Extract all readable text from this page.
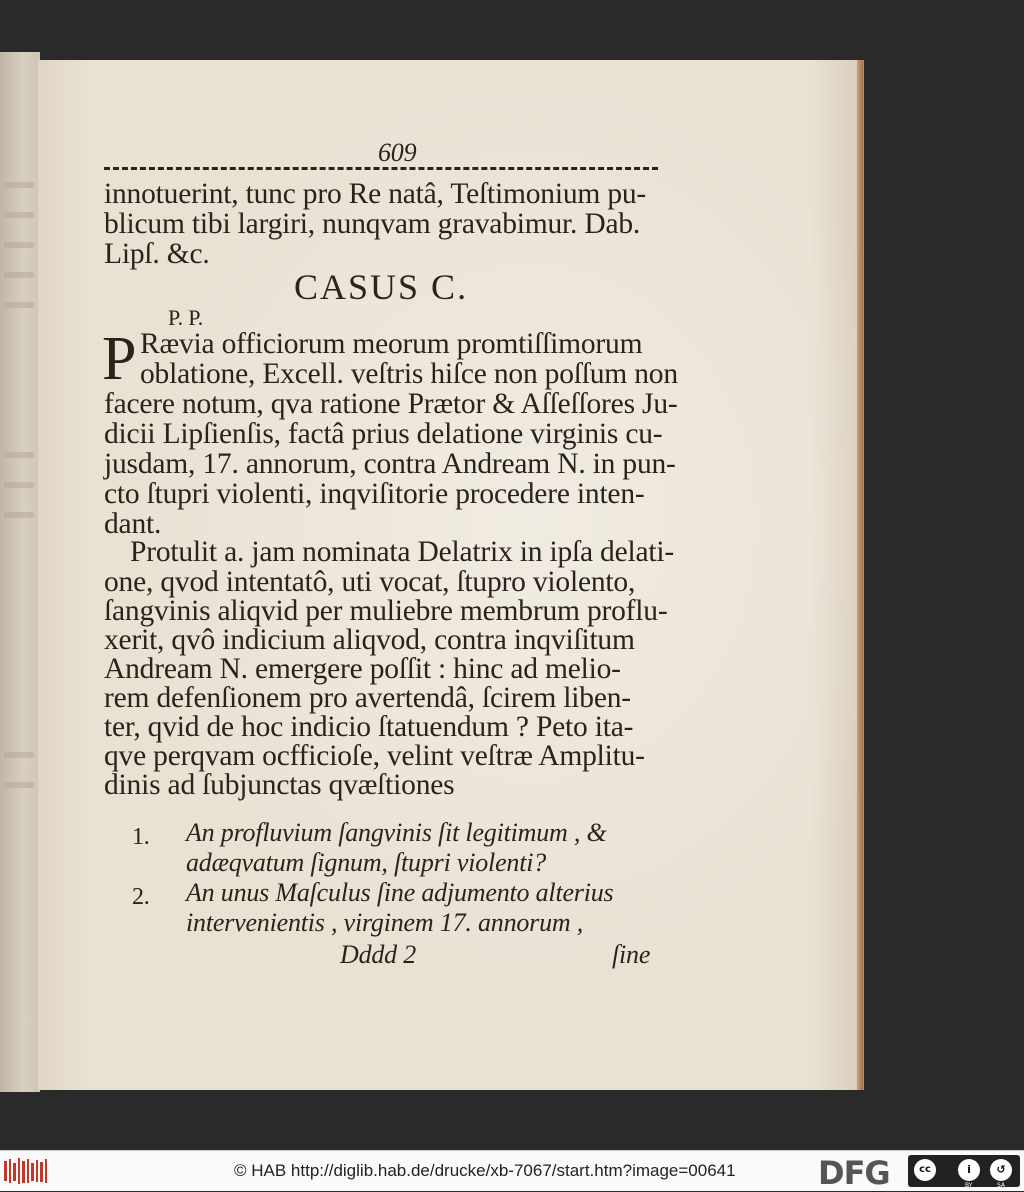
609
innotuerint, tunc pro Re natâ, Teſtimonium pu-
blicum tibi largiri, nunqvam gravabimur. Dab.
Lipſ. &c.
CASUS C.
P. P.
P Rævia officiorum meorum promtiſſimorum
oblatione, Excell. veſtris hiſce non poſſum non
facere notum, qva ratione Prætor & Aſſeſſores Ju-
dicii Lipſienſis, factâ prius delatione virginis cu-
jusdam, 17. annorum, contra Andream N. in pun-
cto ſtupri violenti, inqviſitorie procedere inten-
dant.
Protulit a. jam nominata Delatrix in ipſa delati-
one, qvod intentatô, uti vocat, ſtupro violento,
ſangvinis aliqvid per muliebre membrum proflu-
xerit, qvô indicium aliqvod, contra inqviſitum
Andream N. emergere poſſit : hinc ad melio-
rem defenſionem pro avertendâ, ſcirem liben-
ter, qvid de hoc indicio ſtatuendum ? Peto ita-
qve perqvam ocfficioſe, velint veſtræ Amplitu-
dinis ad ſubjunctas qvæſtiones
1. An profluvium ſangvinis ſit legitimum , &
adæqvatum ſignum, ſtupri violenti?
2. An unus Maſculus ſine adjumento alterius
intervenientis , virginem 17. annorum ,
Dddd 2	ſine
© HAB http://diglib.hab.de/drucke/xb-7067/start.htm?image=00641	DFG	cc	i	↺
BY	SA
